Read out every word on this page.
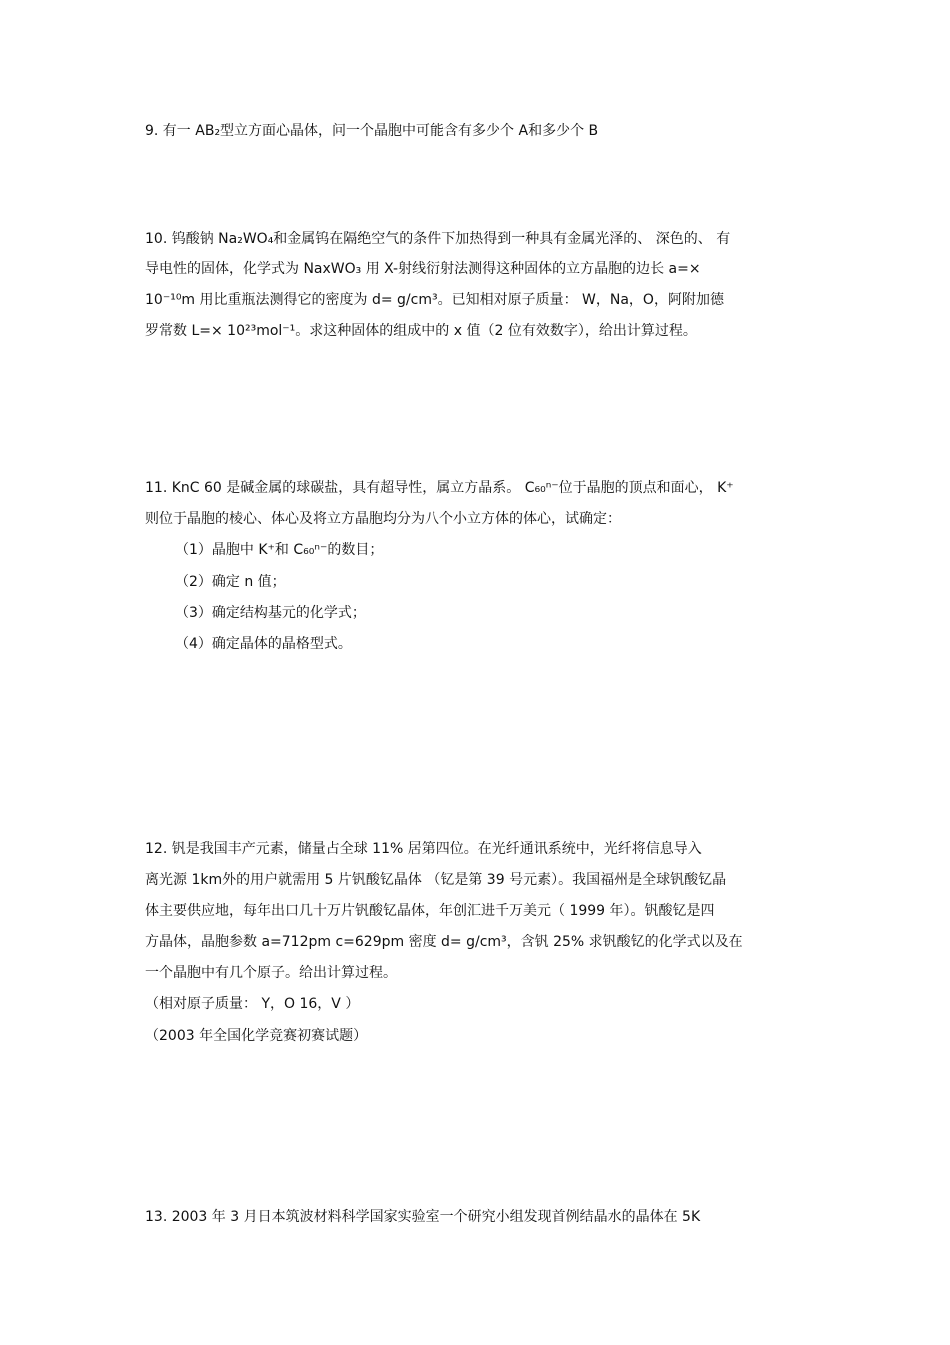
9. 有一 AB₂型立方面心晶体，问一个晶胞中可能含有多少个 A和多少个 B
10. 钨酸钠 Na₂WO₄和金属钨在隔绝空气的条件下加热得到一种具有金属光泽的、 深色的、 有
导电性的固体，化学式为 NaxWO₃ 用 X-射线衍射法测得这种固体的立方晶胞的边长 a=×
10⁻¹⁰m 用比重瓶法测得它的密度为 d= g/cm³。已知相对原子质量： W，Na，O，阿附加德
罗常数 L=× 10²³mol⁻¹。求这种固体的组成中的 x 值（2 位有效数字），给出计算过程。
11. KnC 60 是碱金属的球碳盐，具有超导性，属立方晶系。 C₆₀ⁿ⁻位于晶胞的顶点和面心， K⁺
则位于晶胞的棱心、体心及将立方晶胞均分为八个小立方体的体心，试确定：
（1）晶胞中 K⁺和 C₆₀ⁿ⁻的数目；
（2）确定 n 值；
（3）确定结构基元的化学式；
（4）确定晶体的晶格型式。
12. 钒是我国丰产元素，储量占全球 11% 居第四位。在光纤通讯系统中，光纤将信息导入
离光源 1km外的用户就需用 5 片钒酸钇晶体 （钇是第 39 号元素）。我国福州是全球钒酸钇晶
体主要供应地，每年出口几十万片钒酸钇晶体，年创汇进千万美元（ 1999 年）。钒酸钇是四
方晶体，晶胞参数 a=712pm c=629pm 密度 d= g/cm³，含钒 25% 求钒酸钇的化学式以及在
一个晶胞中有几个原子。给出计算过程。
（相对原子质量： Y，O 16，V ）
（2003 年全国化学竞赛初赛试题）
13. 2003 年 3 月日本筑波材料科学国家实验室一个研究小组发现首例结晶水的晶体在 5K
